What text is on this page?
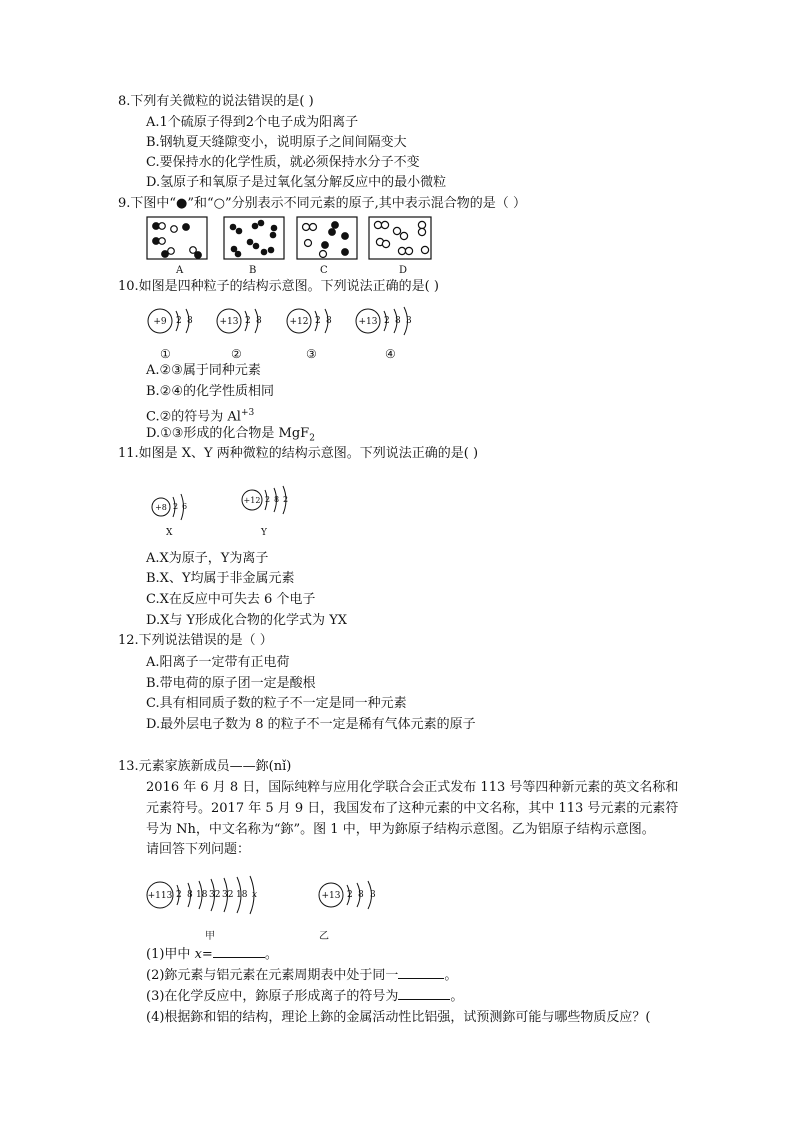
8.下列有关微粒的说法错误的是( )
A.1个硫原子得到2个电子成为阳离子
B.钢轨夏天缝隙变小，说明原子之间间隔变大
C.要保持水的化学性质，就必须保持水分子不变
D.氢原子和氧原子是过氧化氢分解反应中的最小微粒
9.下图中“●”和“○”分别表示不同元素的原子,其中表示混合物的是（ ）
A	B	C	D
10.如图是四种粒子的结构示意图。下列说法正确的是( )
+9 2 8	+13 2 8	+12 2 8	+13 2 8 3
①	②	③	④
A.②③属于同种元素
B.②④的化学性质相同
C.②的符号为 $Al^{+3}$
D.①③形成的化合物是 MgF$_2$
11.如图是 X、Y 两种微粒的结构示意图。下列说法正确的是( )
+8 2 6
+12 2 8 2
X	Y
A.X为原子，Y为离子
B.X、Y均属于非金属元素
C.X在反应中可失去 6 个电子
D.X与 Y形成化合物的化学式为 YX
12.下列说法错误的是（ ）
A.阳离子一定带有正电荷
B.带电荷的原子团一定是酸根
C.具有相同质子数的粒子不一定是同一种元素
D.最外层电子数为 8 的粒子不一定是稀有气体元素的原子
13.元素家族新成员——鉨(nǐ)
2016 年 6 月 8 日，国际纯粹与应用化学联合会正式发布 113 号等四种新元素的英文名称和
元素符号。2017 年 5 月 9 日，我国发布了这种元素的中文名称，其中 113 号元素的元素符
号为 Nh，中文名称为“鉨”。图 1 中，甲为鉨原子结构示意图。乙为铝原子结构示意图。
请回答下列问题：
+113 2 8 18 32 32 18 x	+13 2 8 3
甲	乙
(1)甲中 x=	。
(2)鉨元素与铝元素在元素周期表中处于同一	。
(3)在化学反应中，鉨原子形成离子的符号为	。
(4)根据鉨和铝的结构，理论上鉨的金属活动性比铝强，试预测鉨可能与哪些物质反应？(
